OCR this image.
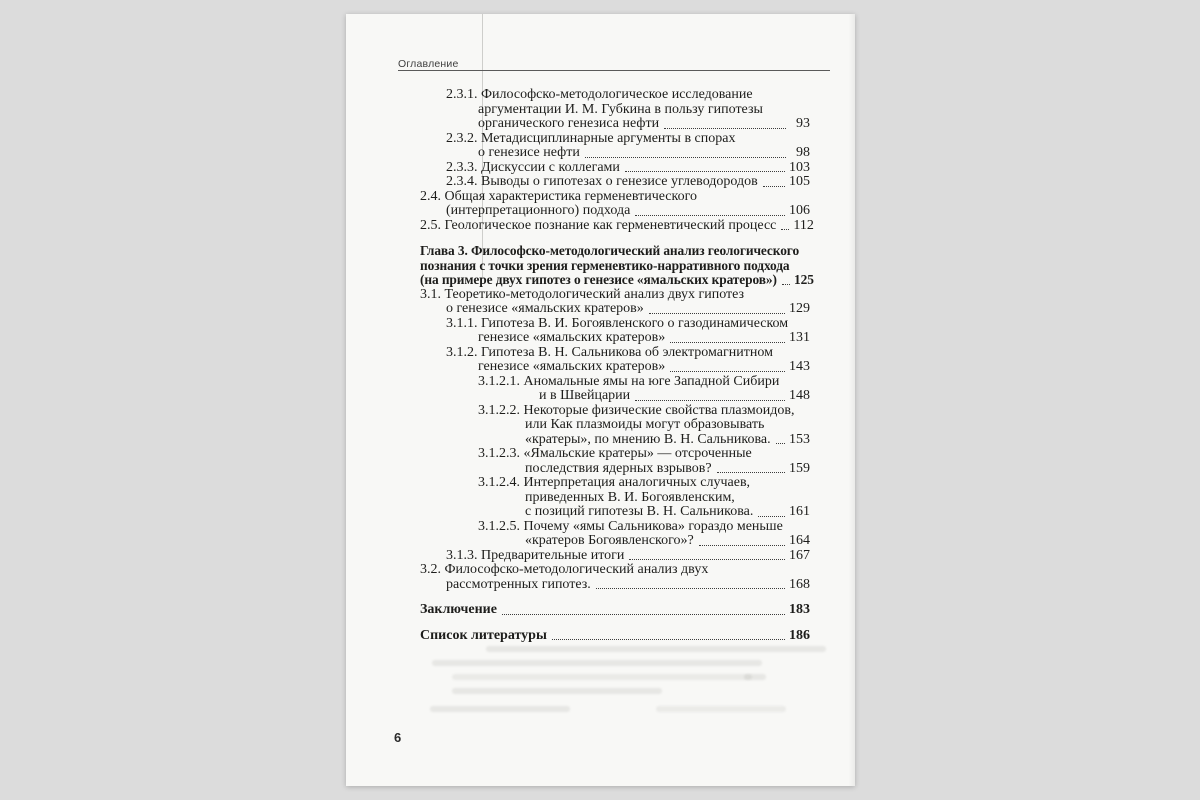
Оглавление
2.3.1. Философско-методологическое исследование
аргументации И. М. Губкина в пользу гипотезы
органического генезиса нефти	93
2.3.2. Метадисциплинарные аргументы в спорах
о генезисе нефти	98
2.3.3. Дискуссии с коллегами	103
2.3.4. Выводы о гипотезах о генезисе углеводородов 105
2.4. Общая характеристика герменевтического
(интерпретационного) подхода	106
2.5. Геологическое познание как герменевтический процесс 112
Глава 3. Философско-методологический анализ геологического
познания с точки зрения герменевтико-нарративного подхода
(на примере двух гипотез о генезисе «ямальских кратеров») 125
3.1. Теоретико-методологический анализ двух гипотез
о генезисе «ямальских кратеров»	129
3.1.1. Гипотеза В. И. Богоявленского о газодинамическом
генезисе «ямальских кратеров»	131
3.1.2. Гипотеза В. Н. Сальникова об электромагнитном
генезисе «ямальских кратеров»	143
3.1.2.1. Аномальные ямы на юге Западной Сибири
 и в Швейцарии	148
3.1.2.2. Некоторые физические свойства плазмоидов,
или Как плазмоиды могут образовывать
«кратеры», по мнению В. Н. Сальникова. 153
3.1.2.3. «Ямальские кратеры» — отсроченные
последствия ядерных взрывов?	159
3.1.2.4. Интерпретация аналогичных случаев,
приведенных В. И. Богоявленским,
с позиций гипотезы В. Н. Сальникова.	161
3.1.2.5. Почему «ямы Сальникова» гораздо меньше
«кратеров Богоявленского»?	164
3.1.3. Предварительные итоги	167
3.2. Философско-методологический анализ двух
рассмотренных гипотез.	168
Заключение	183
Список литературы	186
6
